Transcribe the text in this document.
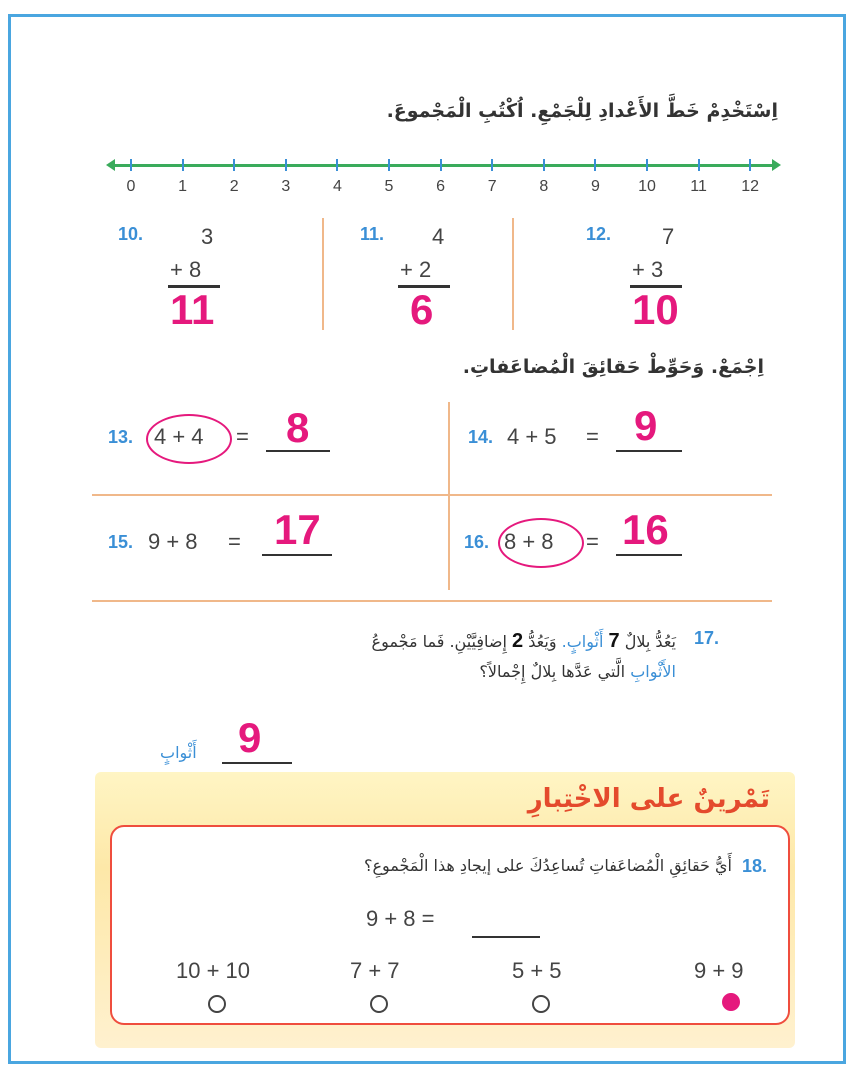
اِسْتَخْدِمْ خَطَّ الأَعْدادِ لِلْجَمْعِ. اُكْتُبِ الْمَجْموعَ.
0	1	2	3	4	5	6	7	8	9	10	11	12
10.	3
+ 8
11
11. 4
+ 2
6
12. 7
+ 3
10
اِجْمَعْ. وَحَوِّطْ حَقائِقَ الْمُضاعَفاتِ.
13. 4 + 4 = 8	14. 4 + 5 = 9
15. 9 + 8 = 17	16. 8 + 8 = 16
17.
يَعُدُّ بِلالٌ 7 أَثْوابٍ. وَيَعُدُّ 2 إِضافِيَّيْنِ. فَما مَجْموعُ
الأَثْوابِ الَّتي عَدَّها بِلالٌ إِجْمالاً؟
أَثْوابٍ 9
تَمْرينٌ على الاخْتِبارِ
18.
أَيُّ حَقائِقِ الْمُضاعَفاتِ تُساعِدُكَ على إيجادِ هذا الْمَجْموعِ؟
9 + 8 =
10 + 10	7 + 7	5 + 5	9 + 9
